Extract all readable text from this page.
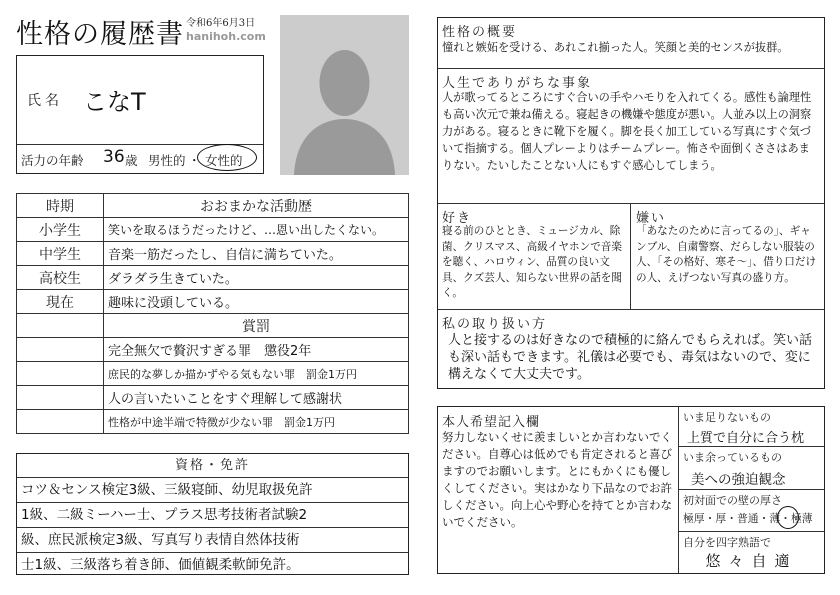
性格の履歴書 令和6年6月3日
hanihoh.com
氏名 こなT
活力の年齢 36 歳 男性的 ・ 女性的
時期	おおまかな活動歴
小学生	笑いを取るほうだったけど、…恩い出したくない。
中学生	音楽一筋だったし、自信に満ちていた。
高校生	ダラダラ生きていた。
現在	趣味に没頭している。
	賞罰
	完全無欠で贅沢すぎる罪　懲役2年
	庶民的な夢しか描かずやる気もない罪　罰金1万円
	人の言いたいことをすぐ理解して感謝状
	性格が中途半端で特徴が少ない罪　罰金1万円
資格・免許
コツ＆センス検定3級、三級寝師、幼児取扱免許
1級、二級ミーハー士、プラス思考技術者試験2
級、庶民派検定3級、写真写り表情自然体技術
士1級、三級落ち着き師、価値観柔軟師免許。
性格の概要
憧れと嫉妬を受ける、あれこれ揃った人。笑顔と美的センスが抜群。
人生でありがちな事象
人が歌ってるところにすぐ合いの手やハモりを入れてくる。感性も論理性も高い次元で兼ね備える。寝起きの機嫌や態度が悪い。人並み以上の洞察力がある。寝るときに靴下を履く。脚を長く加工している写真にすぐ気づいて指摘する。個人プレーよりはチームプレー。怖さや面倒くささはあまりない。たいしたことない人にもすぐ感心してしまう。
好き
寝る前のひととき、ミュージカル、除菌、クリスマス、高級イヤホンで音楽を聴く、ハロウィン、品質の良い文具、クズ芸人、知らない世界の話を聞く。
嫌い
「あなたのために言ってるの」、ギャンブル、自粛警察、だらしない服装の人、「その格好、寒そ～」、借り口だけの人、えげつない写真の盛り方。
私の取り扱い方
人と接するのは好きなので積極的に絡んでもらえれば。笑い話も深い話もできます。礼儀は必要でも、毒気はないので、変に構えなくて大丈夫です。
本人希望記入欄
努力しないくせに羨ましいとか言わないでください。自尊心は低めでも肯定されると喜びますのでお願いします。とにもかくにも優しくしてください。実はかなり下品なのでお許しください。向上心や野心を持てとか言わないでください。
いま足りないもの
上質で自分に合う枕
いま余っているもの
美への強迫観念
初対面での壁の厚さ
極厚・厚・普通・薄・極薄
自分を四字熟語で
悠々自適
